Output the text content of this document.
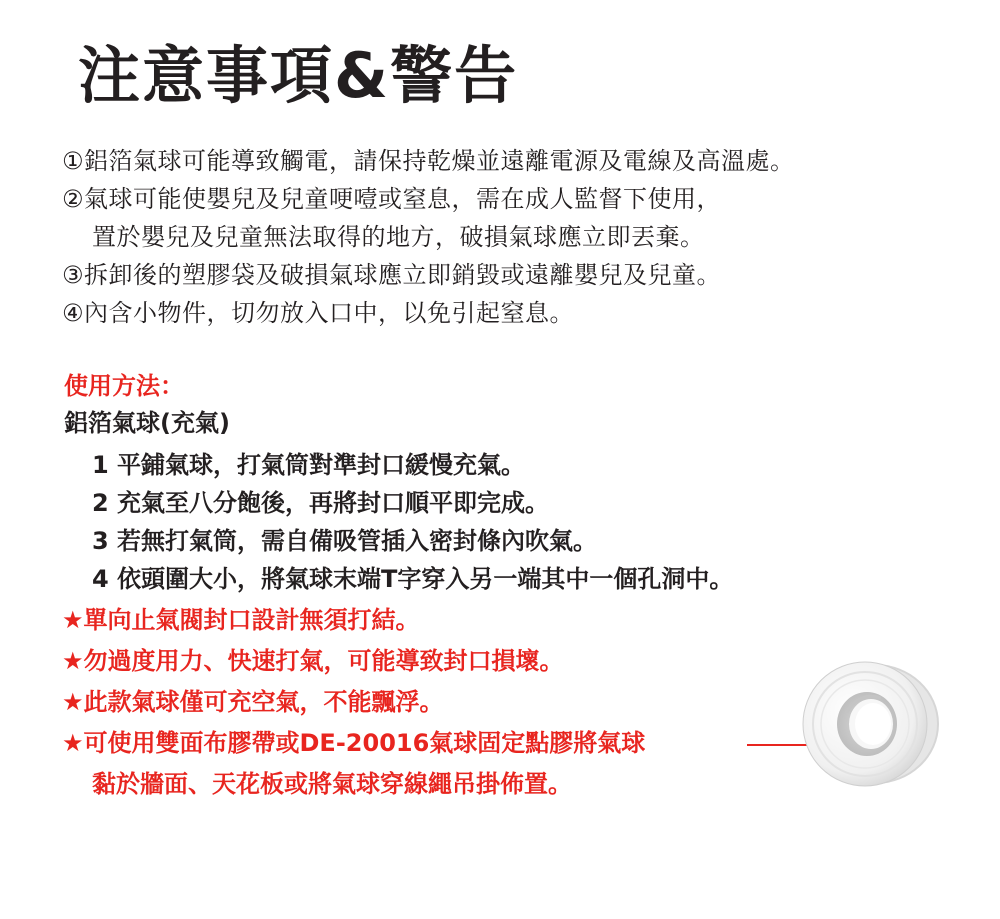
注意事項&警告
①鋁箔氣球可能導致觸電，請保持乾燥並遠離電源及電線及高溫處。
②氣球可能使嬰兒及兒童哽噎或窒息，需在成人監督下使用，
置於嬰兒及兒童無法取得的地方，破損氣球應立即丟棄。
③拆卸後的塑膠袋及破損氣球應立即銷毀或遠離嬰兒及兒童。
④內含小物件，切勿放入口中，以免引起窒息。
使用方法：
鋁箔氣球(充氣)
1 平鋪氣球，打氣筒對準封口緩慢充氣。
2 充氣至八分飽後，再將封口順平即完成。
3 若無打氣筒，需自備吸管插入密封條內吹氣。
4 依頭圍大小，將氣球末端T字穿入另一端其中一個孔洞中。
★單向止氣閥封口設計無須打結。
★勿過度用力、快速打氣，可能導致封口損壞。
★此款氣球僅可充空氣，不能飄浮。
★可使用雙面布膠帶或DE-20016氣球固定點膠將氣球
黏於牆面、天花板或將氣球穿線繩吊掛佈置。
